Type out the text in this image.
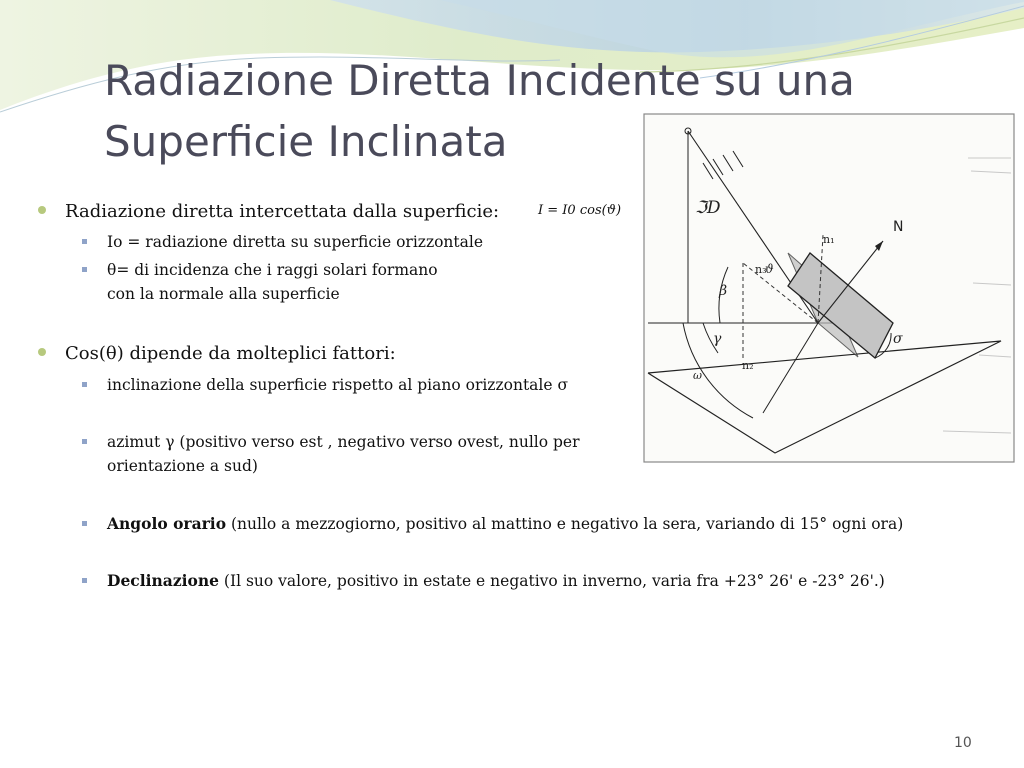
Radiazione Diretta Incidente su una
Superficie Inclinata
Radiazione diretta intercettata dalla superficie:	I = I0 cos(ϑ)
Io = radiazione diretta su superficie orizzontale
θ= di incidenza che i raggi solari formano
con la normale alla superficie
Cos(θ) dipende da molteplici fattori:
inclinazione della superficie rispetto al piano orizzontale σ
azimut γ (positivo verso est , negativo verso ovest, nullo per
orientazione a sud)
Angolo orario (nullo a mezzogiorno, positivo al mattino e negativo la sera, variando di 15° ogni ora)
Declinazione (Il suo valore, positivo in estate e negativo in inverno, varia fra +23° 26' e -23° 26'.)
ℑD
N
n₁
n₂
n₃
ϑ
β
γ
ω
σ
10
